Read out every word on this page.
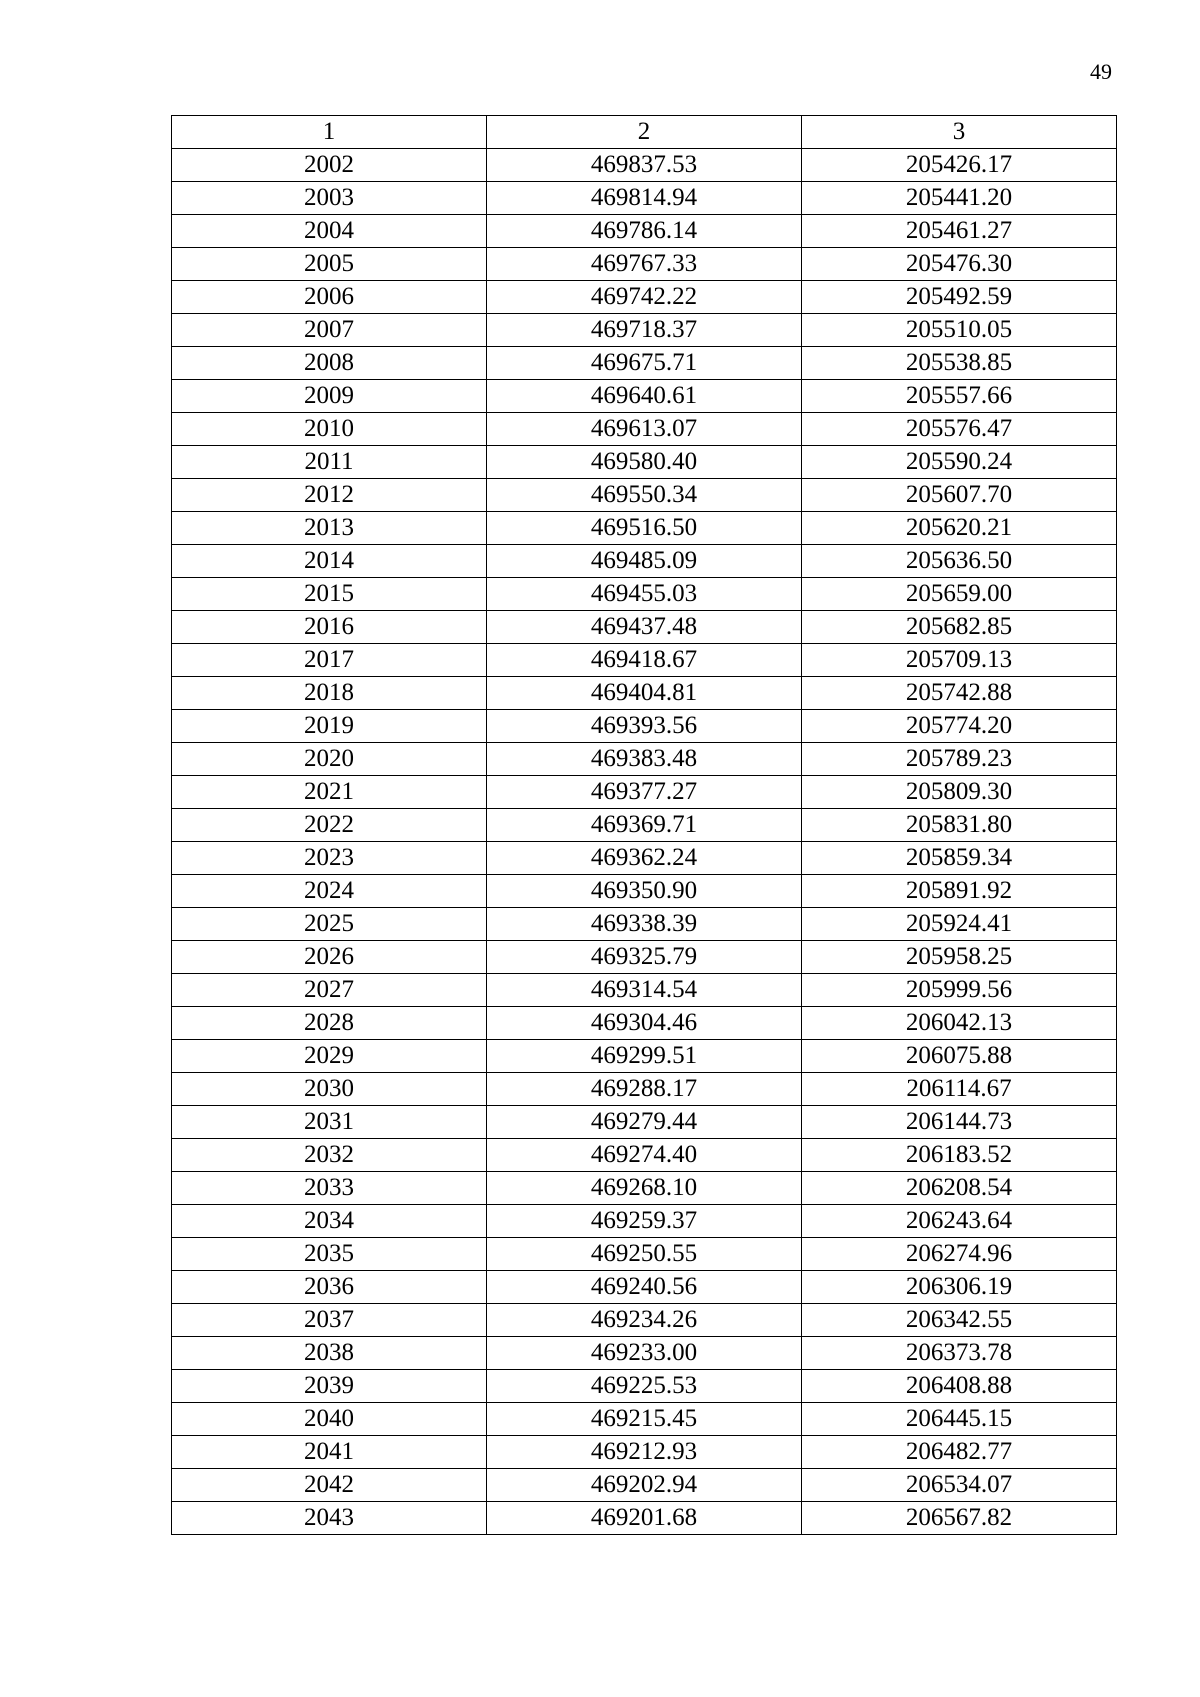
49
1	2	3
2002	469837.53	205426.17
2003	469814.94	205441.20
2004	469786.14	205461.27
2005	469767.33	205476.30
2006	469742.22	205492.59
2007	469718.37	205510.05
2008	469675.71	205538.85
2009	469640.61	205557.66
2010	469613.07	205576.47
2011	469580.40	205590.24
2012	469550.34	205607.70
2013	469516.50	205620.21
2014	469485.09	205636.50
2015	469455.03	205659.00
2016	469437.48	205682.85
2017	469418.67	205709.13
2018	469404.81	205742.88
2019	469393.56	205774.20
2020	469383.48	205789.23
2021	469377.27	205809.30
2022	469369.71	205831.80
2023	469362.24	205859.34
2024	469350.90	205891.92
2025	469338.39	205924.41
2026	469325.79	205958.25
2027	469314.54	205999.56
2028	469304.46	206042.13
2029	469299.51	206075.88
2030	469288.17	206114.67
2031	469279.44	206144.73
2032	469274.40	206183.52
2033	469268.10	206208.54
2034	469259.37	206243.64
2035	469250.55	206274.96
2036	469240.56	206306.19
2037	469234.26	206342.55
2038	469233.00	206373.78
2039	469225.53	206408.88
2040	469215.45	206445.15
2041	469212.93	206482.77
2042	469202.94	206534.07
2043	469201.68	206567.82
